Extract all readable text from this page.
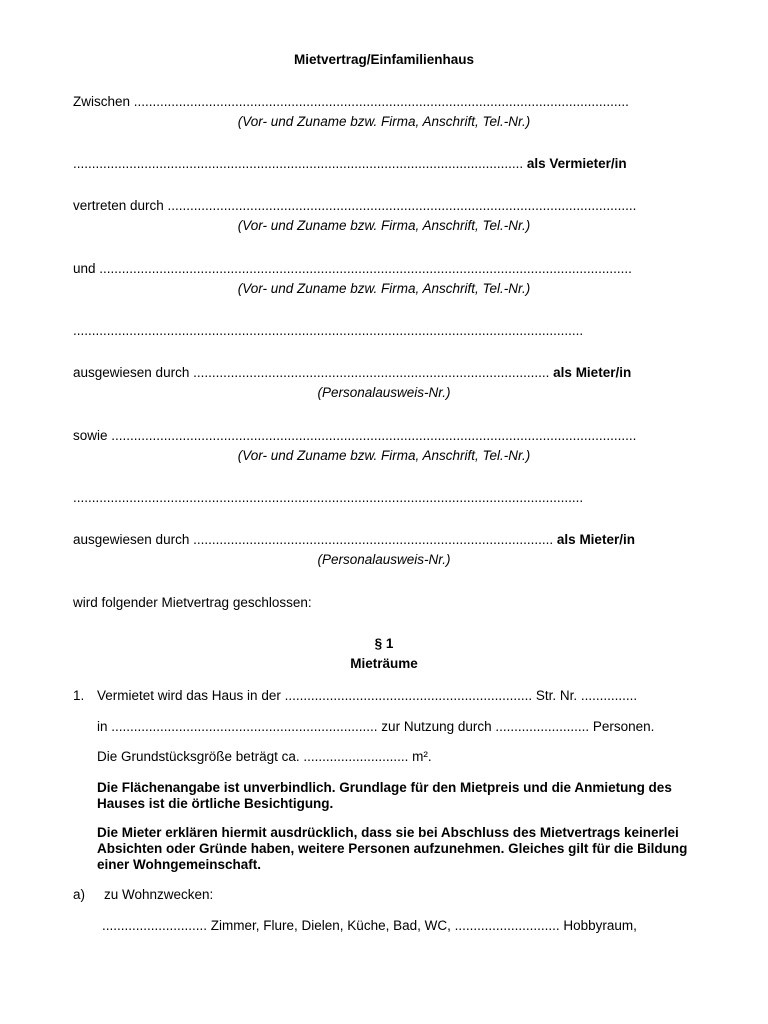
Mietvertrag/Einfamilienhaus
Zwischen ....................................................................................................................................
(Vor- und Zuname bzw. Firma, Anschrift, Tel.-Nr.)
........................................................................................................................ als Vermieter/in
vertreten durch .............................................................................................................................
(Vor- und Zuname bzw. Firma, Anschrift, Tel.-Nr.)
und ..............................................................................................................................................
(Vor- und Zuname bzw. Firma, Anschrift, Tel.-Nr.)
........................................................................................................................................
ausgewiesen durch ............................................................................................... als Mieter/in
(Personalausweis-Nr.)
sowie ............................................................................................................................................
(Vor- und Zuname bzw. Firma, Anschrift, Tel.-Nr.)
........................................................................................................................................
ausgewiesen durch ................................................................................................ als Mieter/in
(Personalausweis-Nr.)
wird folgender Mietvertrag geschlossen:
§ 1
Mieträume
1. Vermietet wird das Haus in der .................................................................. Str. Nr. ...............
in ....................................................................... zur Nutzung durch ......................... Personen.
Die Grundstücksgröße beträgt ca. ............................ m².
Die Flächenangabe ist unverbindlich. Grundlage für den Mietpreis und die Anmietung des Hauses ist die örtliche Besichtigung.
Die Mieter erklären hiermit ausdrücklich, dass sie bei Abschluss des Mietvertrags keinerlei Absichten oder Gründe haben, weitere Personen aufzunehmen. Gleiches gilt für die Bildung einer Wohngemeinschaft.
a) zu Wohnzwecken:
............................ Zimmer, Flure, Dielen, Küche, Bad, WC, ............................ Hobbyraum,
